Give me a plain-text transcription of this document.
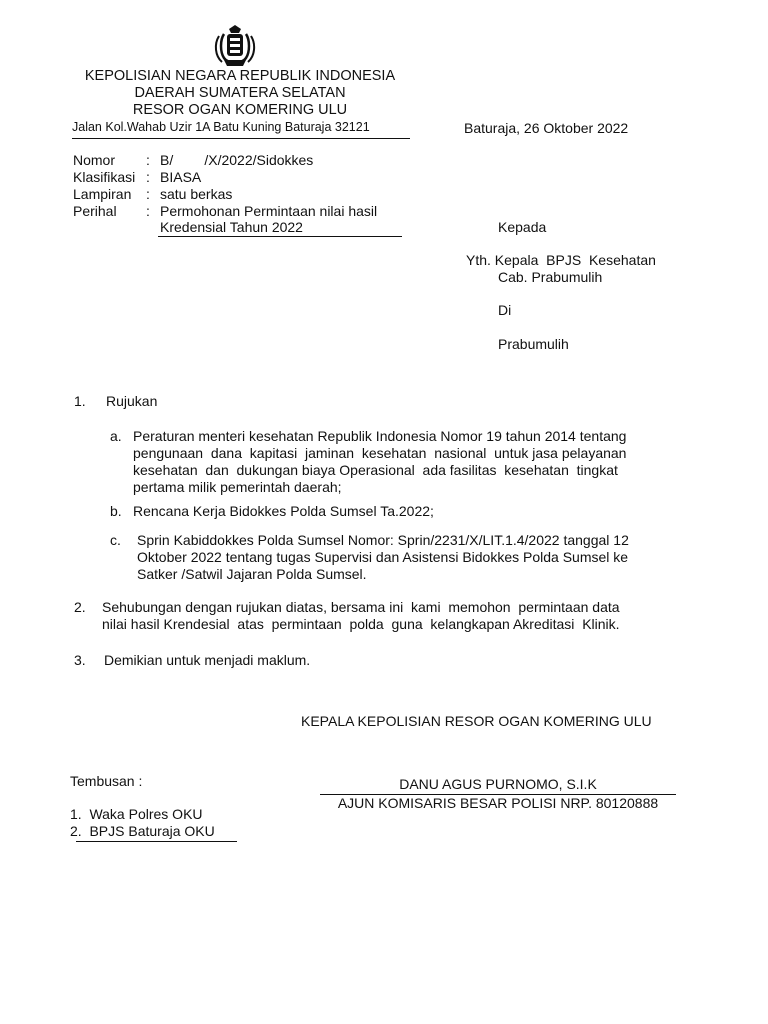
KEPOLISIAN NEGARA REPUBLIK INDONESIA
DAERAH SUMATERA SELATAN
RESOR OGAN KOMERING ULU
Jalan Kol.Wahab Uzir 1A Batu Kuning Baturaja 32121	Baturaja, 26 Oktober 2022
Nomor : B/        /X/2022/Sidokkes
Klasifikasi : BIASA
Lampiran : satu berkas
Perihal : Permohonan Permintaan nilai hasil
Kredensial Tahun 2022	Kepada
Yth. Kepala  BPJS  Kesehatan
Cab. Prabumulih
Di
Prabumulih
1. Rujukan
a. Peraturan menteri kesehatan Republik Indonesia Nomor 19 tahun 2014 tentang
pengunaan  dana  kapitasi  jaminan  kesehatan  nasional  untuk jasa pelayanan
kesehatan  dan  dukungan biaya Operasional  ada fasilitas  kesehatan  tingkat
pertama milik pemerintah daerah;
b. Rencana Kerja Bidokkes Polda Sumsel Ta.2022;
c. Sprin Kabiddokkes Polda Sumsel Nomor: Sprin/2231/X/LIT.1.4/2022 tanggal 12
Oktober 2022 tentang tugas Supervisi dan Asistensi Bidokkes Polda Sumsel ke
Satker /Satwil Jajaran Polda Sumsel.
2. Sehubungan dengan rujukan diatas, bersama ini  kami  memohon  permintaan data
nilai hasil Krendesial  atas  permintaan  polda  guna  kelangkapan Akreditasi  Klinik.
3. Demikian untuk menjadi maklum.
KEPALA KEPOLISIAN RESOR OGAN KOMERING ULU
DANU AGUS PURNOMO, S.I.K
AJUN KOMISARIS BESAR POLISI NRP. 80120888
Tembusan :
1.  Waka Polres OKU
2.  BPJS Baturaja OKU
